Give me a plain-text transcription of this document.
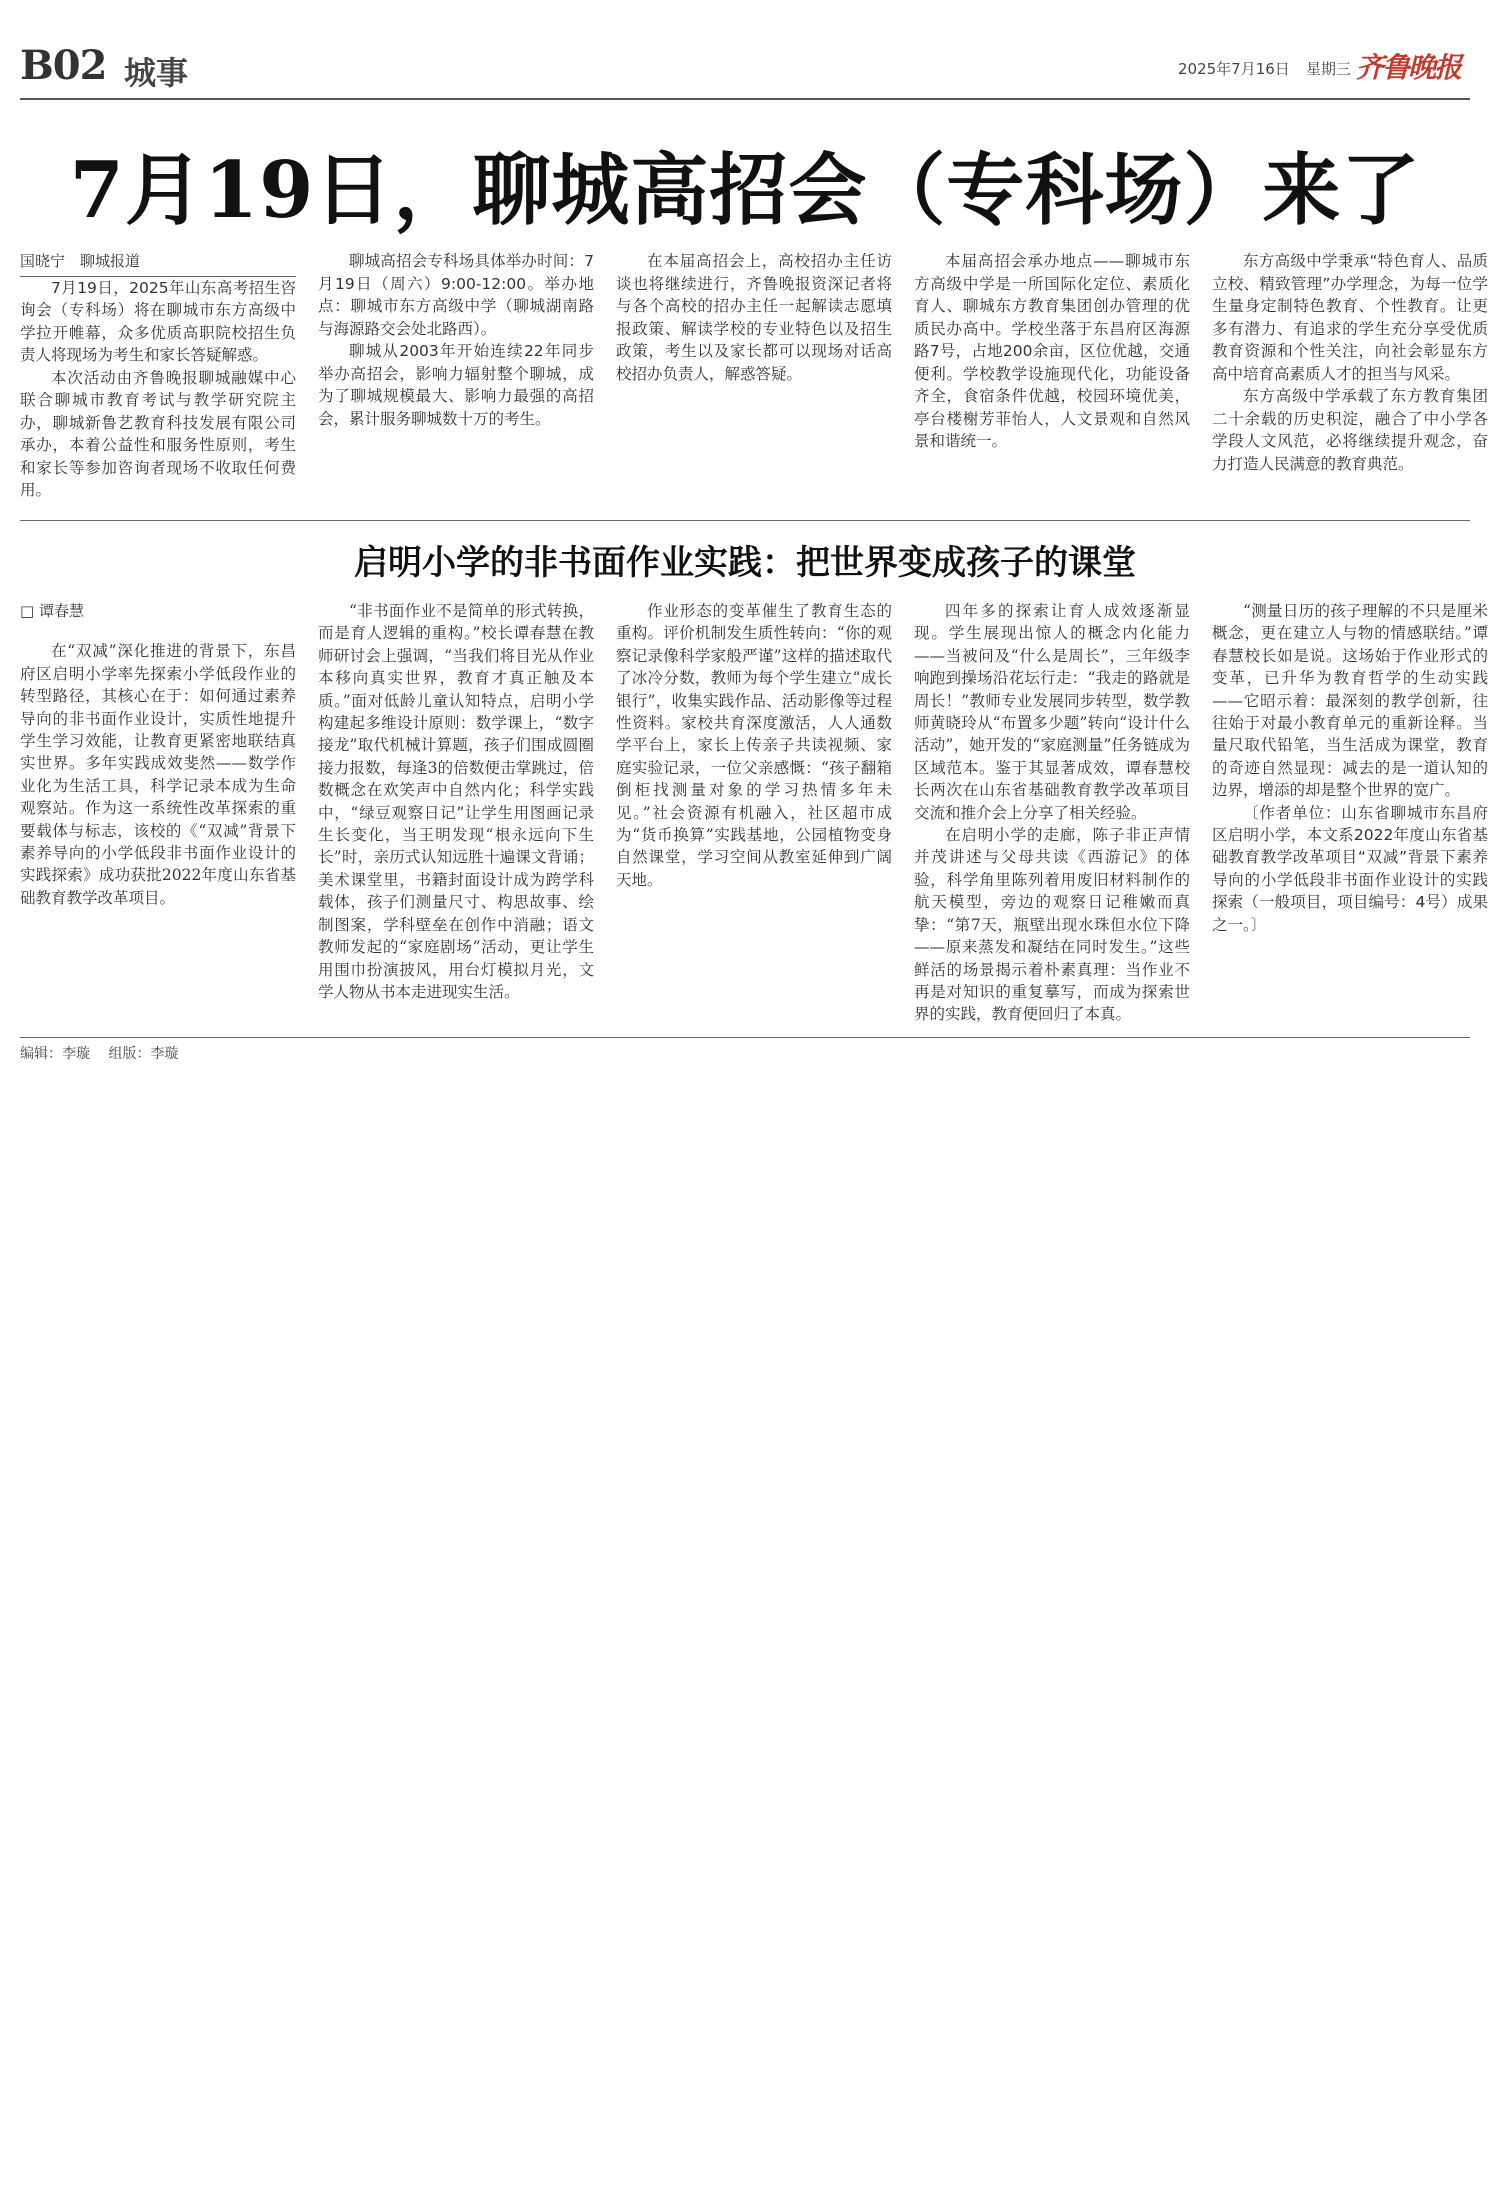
B02 城事	2025年7月16日 星期三 齐鲁晚报
7月19日，聊城高招会（专科场）来了

国晓宁　聊城报道

7月19日，2025年山东高考招生咨询会（专科场）将在聊城市东方高级中学拉开帷幕，众多优质高职院校招生负责人将现场为考生和家长答疑解惑。

本次活动由齐鲁晚报聊城融媒中心联合聊城市教育考试与教学研究院主办，聊城新鲁艺教育科技发展有限公司承办，本着公益性和服务性原则，考生和家长等参加咨询者现场不收取任何费用。

聊城高招会专科场具体举办时间：7月19日（周六）9:00-12:00。举办地点：聊城市东方高级中学（聊城湖南路与海源路交会处北路西）。

聊城从2003年开始连续22年同步举办高招会，影响力辐射整个聊城，成为了聊城规模最大、影响力最强的高招会，累计服务聊城数十万的考生。

在本届高招会上，高校招办主任访谈也将继续进行，齐鲁晚报资深记者将与各个高校的招办主任一起解读志愿填报政策、解读学校的专业特色以及招生政策，考生以及家长都可以现场对话高校招办负责人，解惑答疑。

本届高招会承办地点——聊城市东方高级中学是一所国际化定位、素质化育人、聊城东方教育集团创办管理的优质民办高中。学校坐落于东昌府区海源路7号，占地200余亩，区位优越，交通便利。学校教学设施现代化，功能设备齐全，食宿条件优越，校园环境优美，亭台楼榭芳菲怡人，人文景观和自然风景和谐统一。

东方高级中学秉承“特色育人、品质立校、精致管理”办学理念，为每一位学生量身定制特色教育、个性教育。让更多有潜力、有追求的学生充分享受优质教育资源和个性关注，向社会彰显东方高中培育高素质人才的担当与风采。

东方高级中学承载了东方教育集团二十余载的历史积淀，融合了中小学各学段人文风范，必将继续提升观念，奋力打造人民满意的教育典范。

启明小学的非书面作业实践：把世界变成孩子的课堂
□ 谭春慧

在“双减”深化推进的背景下，东昌府区启明小学率先探索小学低段作业的转型路径，其核心在于：如何通过素养导向的非书面作业设计，实质性地提升学生学习效能，让教育更紧密地联结真实世界。多年实践成效斐然——数学作业化为生活工具，科学记录本成为生命观察站。作为这一系统性改革探索的重要载体与标志，该校的《“双减”背景下素养导向的小学低段非书面作业设计的实践探索》成功获批2022年度山东省基础教育教学改革项目。

“非书面作业不是简单的形式转换，而是育人逻辑的重构。”校长谭春慧在教师研讨会上强调，“当我们将目光从作业本移向真实世界，教育才真正触及本质。”面对低龄儿童认知特点，启明小学构建起多维设计原则：数学课上，“数字接龙”取代机械计算题，孩子们围成圆圈接力报数，每逢3的倍数便击掌跳过，倍数概念在欢笑声中自然内化；科学实践中，“绿豆观察日记”让学生用图画记录生长变化，当王明发现“根永远向下生长”时，亲历式认知远胜十遍课文背诵；美术课堂里，书籍封面设计成为跨学科载体，孩子们测量尺寸、构思故事、绘制图案，学科壁垒在创作中消融；语文教师发起的“家庭剧场”活动，更让学生用围巾扮演披风，用台灯模拟月光，文学人物从书本走进现实生活。

作业形态的变革催生了教育生态的重构。评价机制发生质性转向：“你的观察记录像科学家般严谨”这样的描述取代了冰冷分数，教师为每个学生建立“成长银行”，收集实践作品、活动影像等过程性资料。家校共育深度激活，人人通数学平台上，家长上传亲子共读视频、家庭实验记录，一位父亲感慨：“孩子翻箱倒柜找测量对象的学习热情多年未见。”社会资源有机融入，社区超市成为“货币换算”实践基地，公园植物变身自然课堂，学习空间从教室延伸到广阔天地。

四年多的探索让育人成效逐渐显现。学生展现出惊人的概念内化能力——当被问及“什么是周长”，三年级李响跑到操场沿花坛行走：“我走的路就是周长！”教师专业发展同步转型，数学教师黄晓玲从“布置多少题”转向“设计什么活动”，她开发的“家庭测量”任务链成为区域范本。鉴于其显著成效，谭春慧校长两次在山东省基础教育教学改革项目交流和推介会上分享了相关经验。

在启明小学的走廊，陈子非正声情并茂讲述与父母共读《西游记》的体验，科学角里陈列着用废旧材料制作的航天模型，旁边的观察日记稚嫩而真挚：“第7天，瓶壁出现水珠但水位下降——原来蒸发和凝结在同时发生。”这些鲜活的场景揭示着朴素真理：当作业不再是对知识的重复摹写，而成为探索世界的实践，教育便回归了本真。

“测量日历的孩子理解的不只是厘米概念，更在建立人与物的情感联结。”谭春慧校长如是说。这场始于作业形式的变革，已升华为教育哲学的生动实践——它昭示着：最深刻的教学创新，往往始于对最小教育单元的重新诠释。当量尺取代铅笔，当生活成为课堂，教育的奇迹自然显现：减去的是一道认知的边界，增添的却是整个世界的宽广。

〔作者单位：山东省聊城市东昌府区启明小学，本文系2022年度山东省基础教育教学改革项目“双减”背景下素养导向的小学低段非书面作业设计的实践探索（一般项目，项目编号：4号）成果之一。〕

编辑：李璇 组版：李璇
